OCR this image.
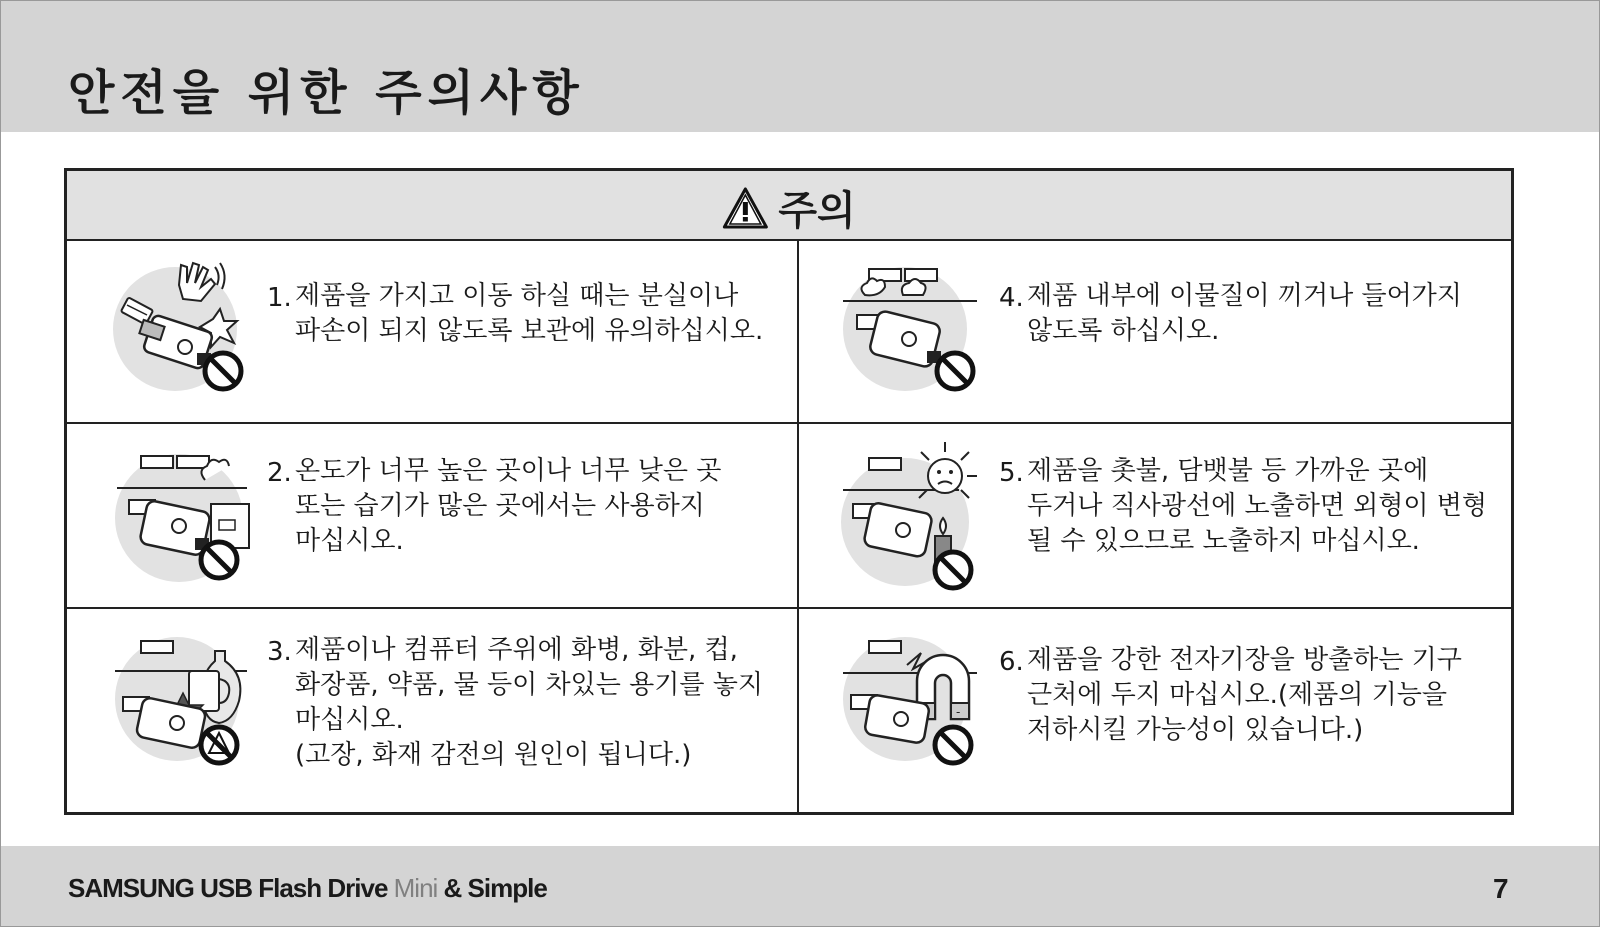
안전을 위한 주의사항
주의
1. 제품을 가지고 이동 하실 때는 분실이나
파손이 되지 않도록 보관에 유의하십시오.
2. 온도가 너무 높은 곳이나 너무 낮은 곳
또는 습기가 많은 곳에서는 사용하지
마십시오.
3. 제품이나 컴퓨터 주위에 화병, 화분, 컵,
화장품, 약품, 물 등이 차있는 용기를 놓지
마십시오.
(고장, 화재 감전의 원인이 됩니다.)
4. 제품 내부에 이물질이 끼거나 들어가지
않도록 하십시오.
5. 제품을 촛불, 담뱃불 등 가까운 곳에
두거나 직사광선에 노출하면 외형이 변형
될 수 있으므로 노출하지 마십시오.
-
6. 제품을 강한 전자기장을 방출하는 기구
근처에 두지 마십시오.(제품의 기능을
저하시킬 가능성이 있습니다.)
SAMSUNG USB Flash Drive Mini & Simple	7
